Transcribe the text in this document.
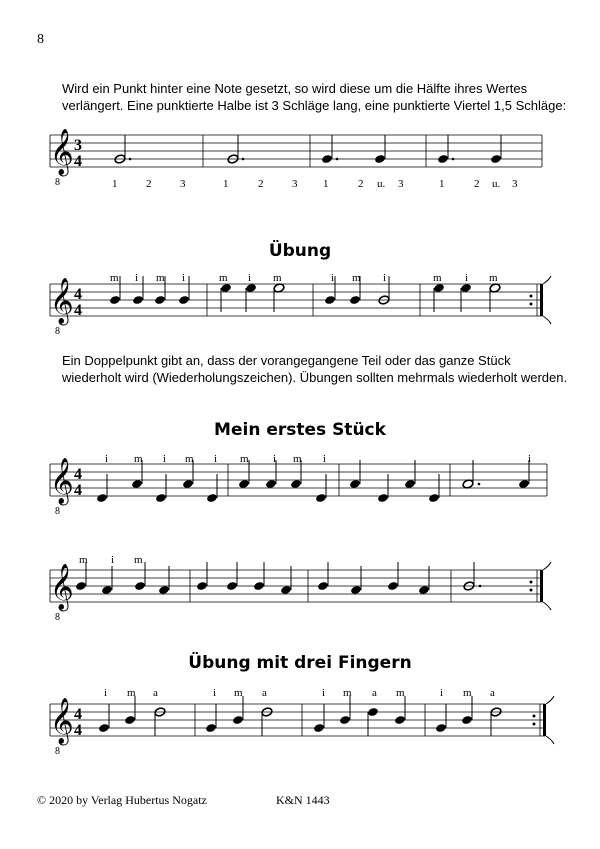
8
Wird ein Punkt hinter eine Note gesetzt, so wird diese um die Hälfte ihres Wertes verlängert. Eine punktierte Halbe ist 3 Schläge lang, eine punktierte Viertel 1,5 Schläge:
𝄞
8
3
4
1	2	3	1	2	3 1	2 u. 3	1	2 u. 3
Übung
𝄞
8
4
4
m i m i	m i m	i m i	m i m
Ein Doppelpunkt gibt an, dass der vorangegangene Teil oder das ganze Stück wiederholt wird (Wiederholungszeichen). Übungen sollten mehrmals wiederholt werden.
Mein erstes Stück
𝄞
8
4
4
i m i m i m i m i	i
𝄞
8
m i m
Übung mit drei Fingern
𝄞
8
4
4
i m a	i m a	i m a m	i m a
© 2020 by Verlag Hubertus Nogatz	K&N 1443
